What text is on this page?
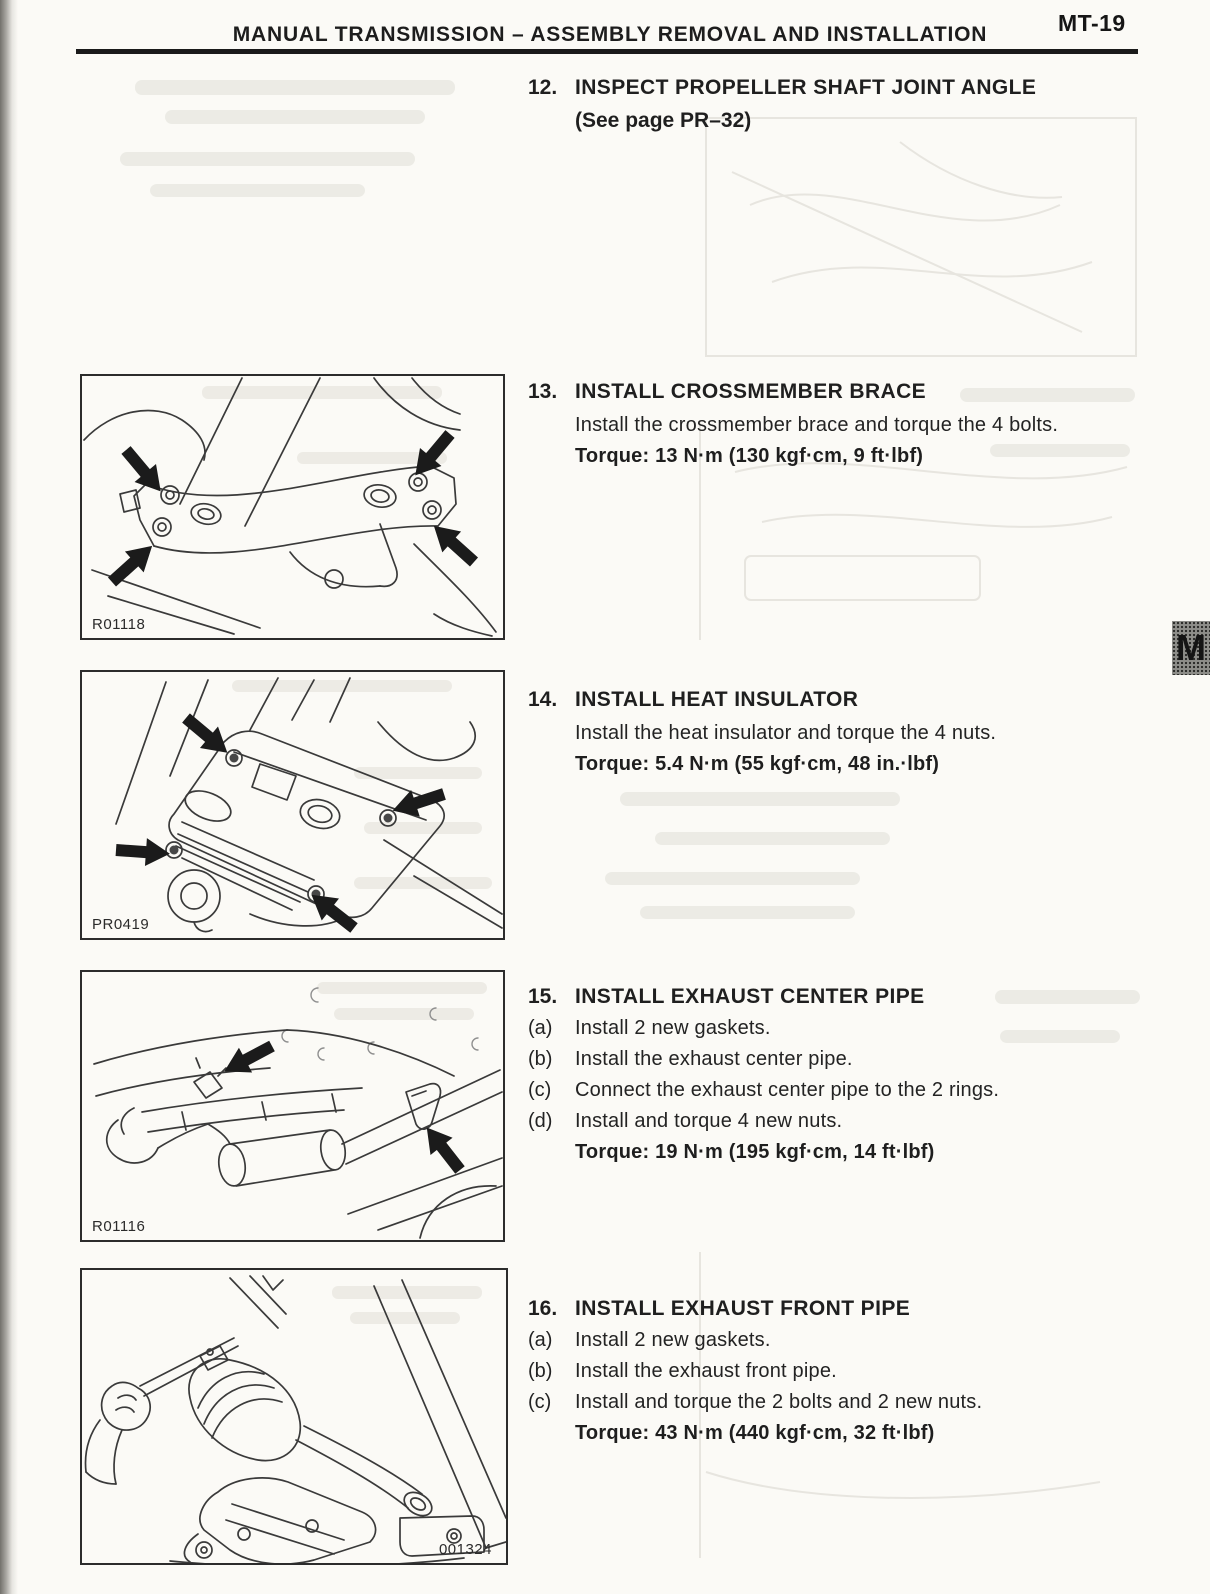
MANUAL TRANSMISSION – ASSEMBLY REMOVAL AND INSTALLATION	MT-19
M
12. INSPECT PROPELLER SHAFT JOINT ANGLE
(See page PR–32)
R01118
13. INSTALL CROSSMEMBER BRACE
Install the crossmember brace and torque the 4 bolts.
Torque: 13 N·m (130 kgf·cm, 9 ft·lbf)
PR0419
14. INSTALL HEAT INSULATOR
Install the heat insulator and torque the 4 nuts.
Torque: 5.4 N·m (55 kgf·cm, 48 in.·lbf)
R01116
15. INSTALL EXHAUST CENTER PIPE
(a)	Install 2 new gaskets.
(b)	Install the exhaust center pipe.
(c)	Connect the exhaust center pipe to the 2 rings.
(d)	Install and torque 4 new nuts.
Torque: 19 N·m (195 kgf·cm, 14 ft·lbf)
001324
16. INSTALL EXHAUST FRONT PIPE
(a)	Install 2 new gaskets.
(b)	Install the exhaust front pipe.
(c)	Install and torque the 2 bolts and 2 new nuts.
Torque: 43 N·m (440 kgf·cm, 32 ft·lbf)
